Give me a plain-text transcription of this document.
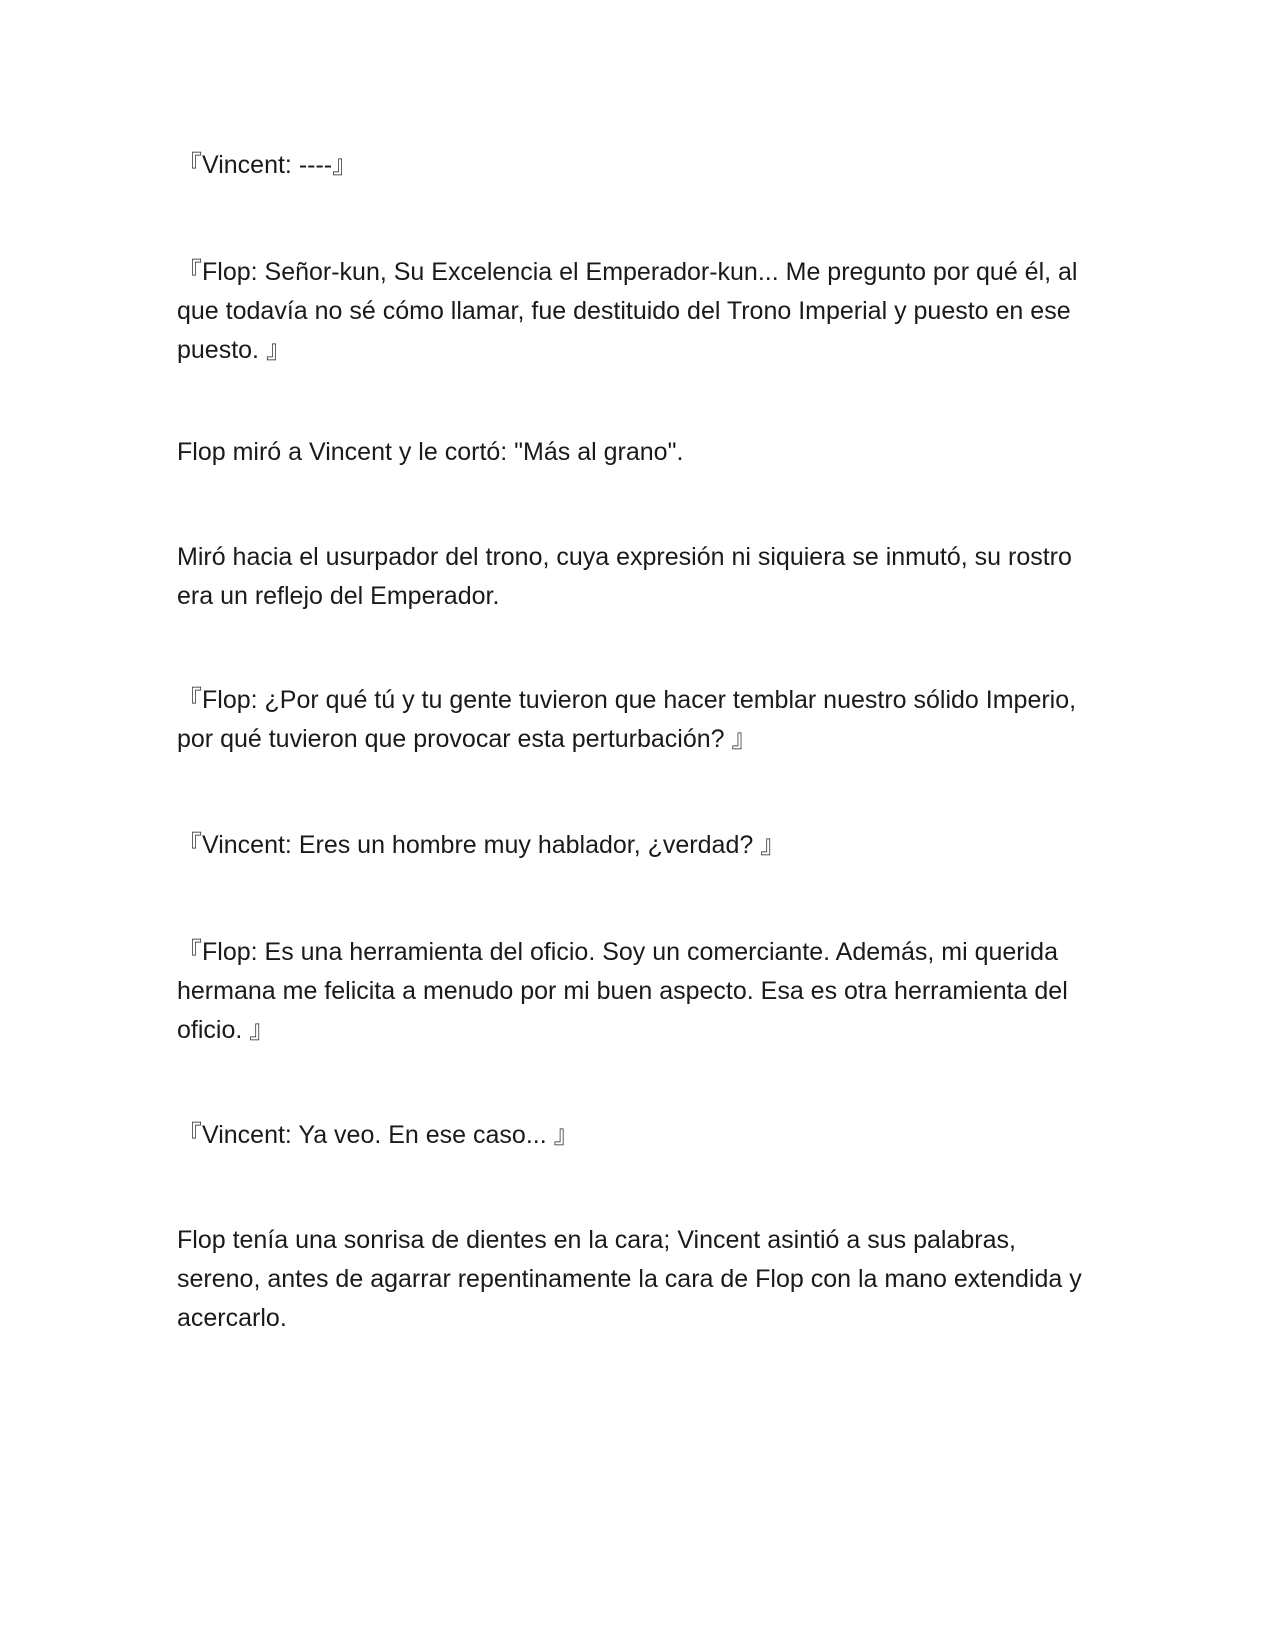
『Vincent: ----』

『Flop: Señor-kun, Su Excelencia el Emperador-kun... Me pregunto por qué él, al que todavía no sé cómo llamar, fue destituido del Trono Imperial y puesto en ese puesto. 』

Flop miró a Vincent y le cortó: "Más al grano".

Miró hacia el usurpador del trono, cuya expresión ni siquiera se inmutó, su rostro era un reflejo del Emperador.

『Flop: ¿Por qué tú y tu gente tuvieron que hacer temblar nuestro sólido Imperio, por qué tuvieron que provocar esta perturbación? 』

『Vincent: Eres un hombre muy hablador, ¿verdad? 』

『Flop: Es una herramienta del oficio. Soy un comerciante. Además, mi querida hermana me felicita a menudo por mi buen aspecto. Esa es otra herramienta del oficio. 』

『Vincent: Ya veo. En ese caso... 』

Flop tenía una sonrisa de dientes en la cara; Vincent asintió a sus palabras, sereno, antes de agarrar repentinamente la cara de Flop con la mano extendida y acercarlo.
